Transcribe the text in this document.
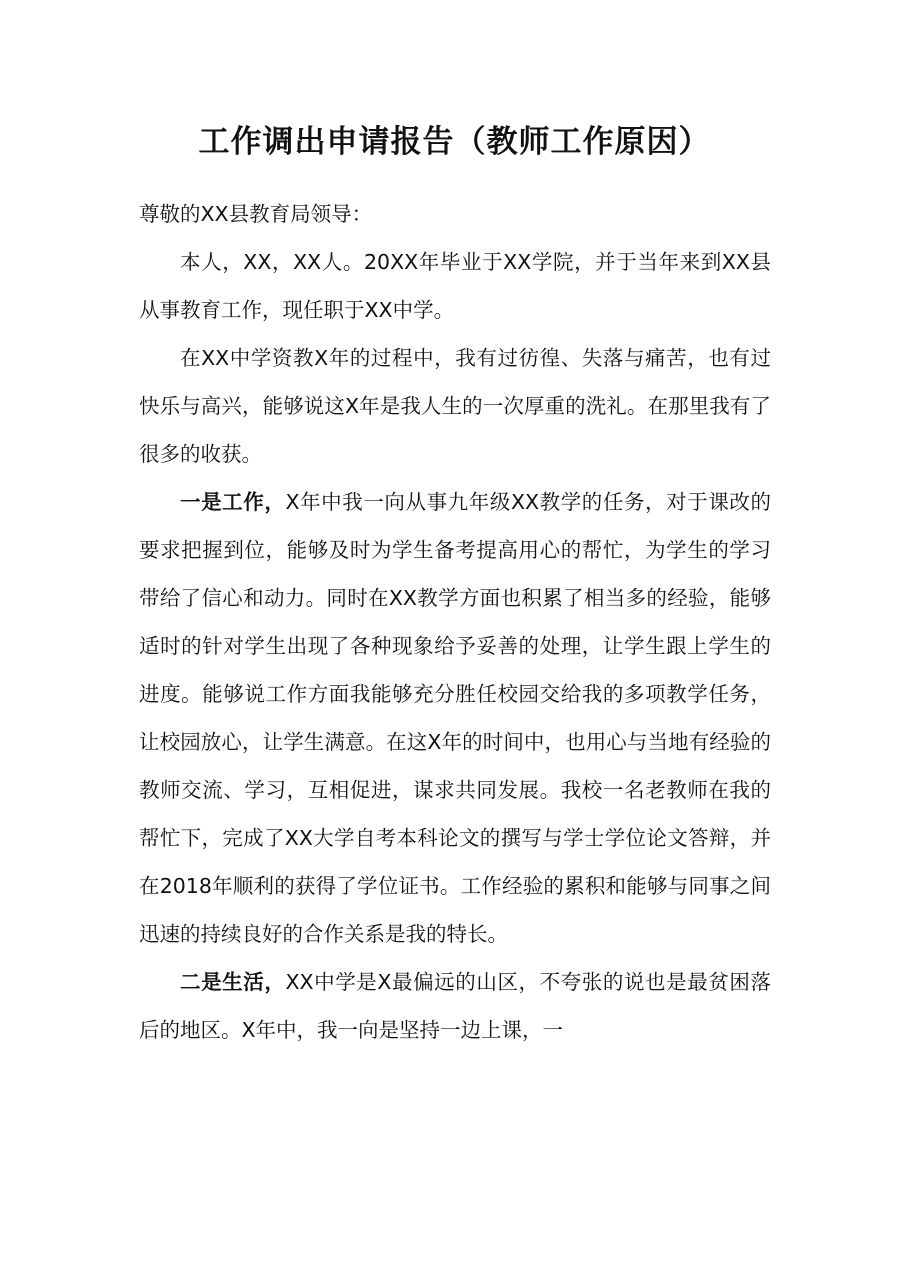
工作调出申请报告（教师工作原因）

尊敬的XX县教育局领导：

本人，XX，XX人。20XX年毕业于XX学院，并于当年来到XX县从事教育工作，现任职于XX中学。

在XX中学资教X年的过程中，我有过彷徨、失落与痛苦，也有过快乐与高兴，能够说这X年是我人生的一次厚重的洗礼。在那里我有了很多的收获。

一是工作，X年中我一向从事九年级XX教学的任务，对于课改的要求把握到位，能够及时为学生备考提高用心的帮忙，为学生的学习带给了信心和动力。同时在XX教学方面也积累了相当多的经验，能够适时的针对学生出现了各种现象给予妥善的处理，让学生跟上学生的进度。能够说工作方面我能够充分胜任校园交给我的多项教学任务，让校园放心，让学生满意。在这X年的时间中，也用心与当地有经验的教师交流、学习，互相促进，谋求共同发展。我校一名老教师在我的帮忙下，完成了XX大学自考本科论文的撰写与学士学位论文答辩，并在2018年顺利的获得了学位证书。工作经验的累积和能够与同事之间迅速的持续良好的合作关系是我的特长。

二是生活，XX中学是X最偏远的山区，不夸张的说也是最贫困落后的地区。X年中，我一向是坚持一边上课，一
